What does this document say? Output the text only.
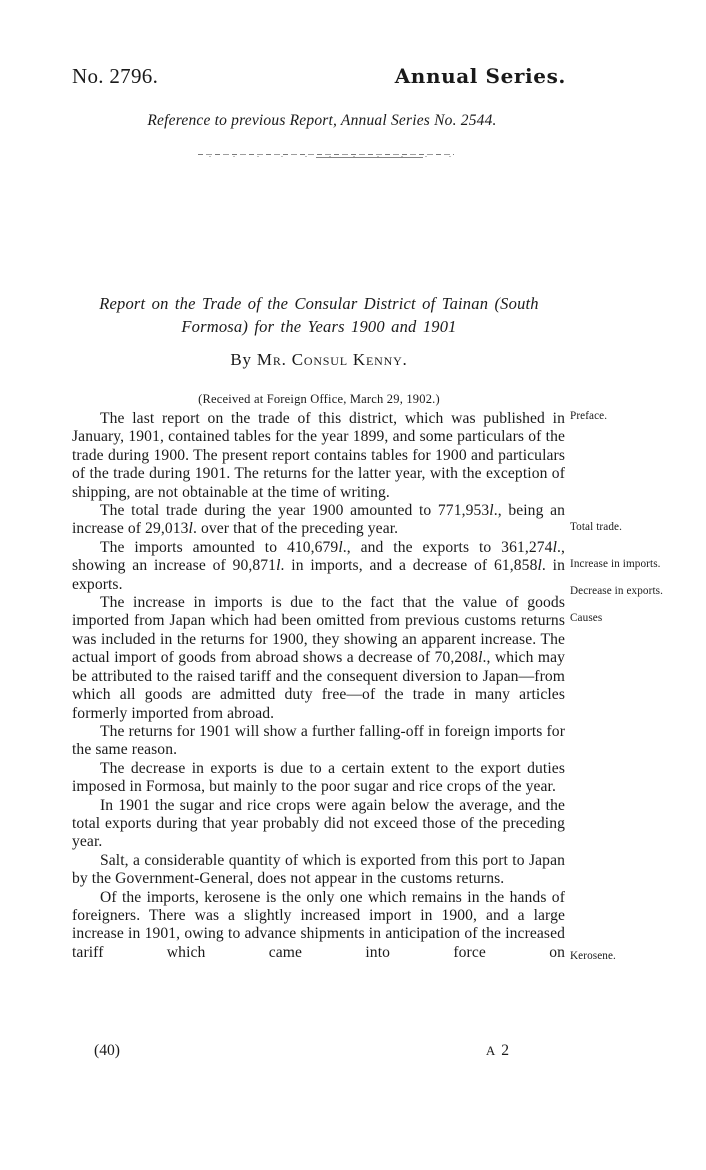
No. 2796.	Annual Series.
Reference to previous Report, Annual Series No. 2544.
Report on the Trade of the Consular District of Tainan (South
Formosa) for the Years 1900 and 1901
By Mr. Consul Kenny.
(Received at Foreign Office, March 29, 1902.)

The last report on the trade of this district, which was published in January, 1901, contained tables for the year 1899, and some particulars of the trade during 1900. The present report contains tables for 1900 and particulars of the trade during 1901. The returns for the latter year, with the exception of shipping, are not obtainable at the time of writing.

The total trade during the year 1900 amounted to 771,953l., being an increase of 29,013l. over that of the preceding year.

The imports amounted to 410,679l., and the exports to 361,274l., showing an increase of 90,871l. in imports, and a decrease of 61,858l. in exports.

The increase in imports is due to the fact that the value of goods imported from Japan which had been omitted from previous customs returns was included in the returns for 1900, they showing an apparent increase. The actual import of goods from abroad shows a decrease of 70,208l., which may be attributed to the raised tariff and the consequent diversion to Japan—from which all goods are admitted duty free—of the trade in many articles formerly imported from abroad.

The returns for 1901 will show a further falling-off in foreign imports for the same reason.

The decrease in exports is due to a certain extent to the export duties imposed in Formosa, but mainly to the poor sugar and rice crops of the year.

In 1901 the sugar and rice crops were again below the average, and the total exports during that year probably did not exceed those of the preceding year.

Salt, a considerable quantity of which is exported from this port to Japan by the Government-General, does not appear in the customs returns.

Of the imports, kerosene is the only one which remains in the hands of foreigners. There was a slightly increased import in 1900, and a large increase in 1901, owing to advance shipments in anticipation of the increased tariff which came into force on

Preface.
Total trade.
Increase in imports.
Decrease in exports.
Causes
Kerosene.
(40)	A 2
